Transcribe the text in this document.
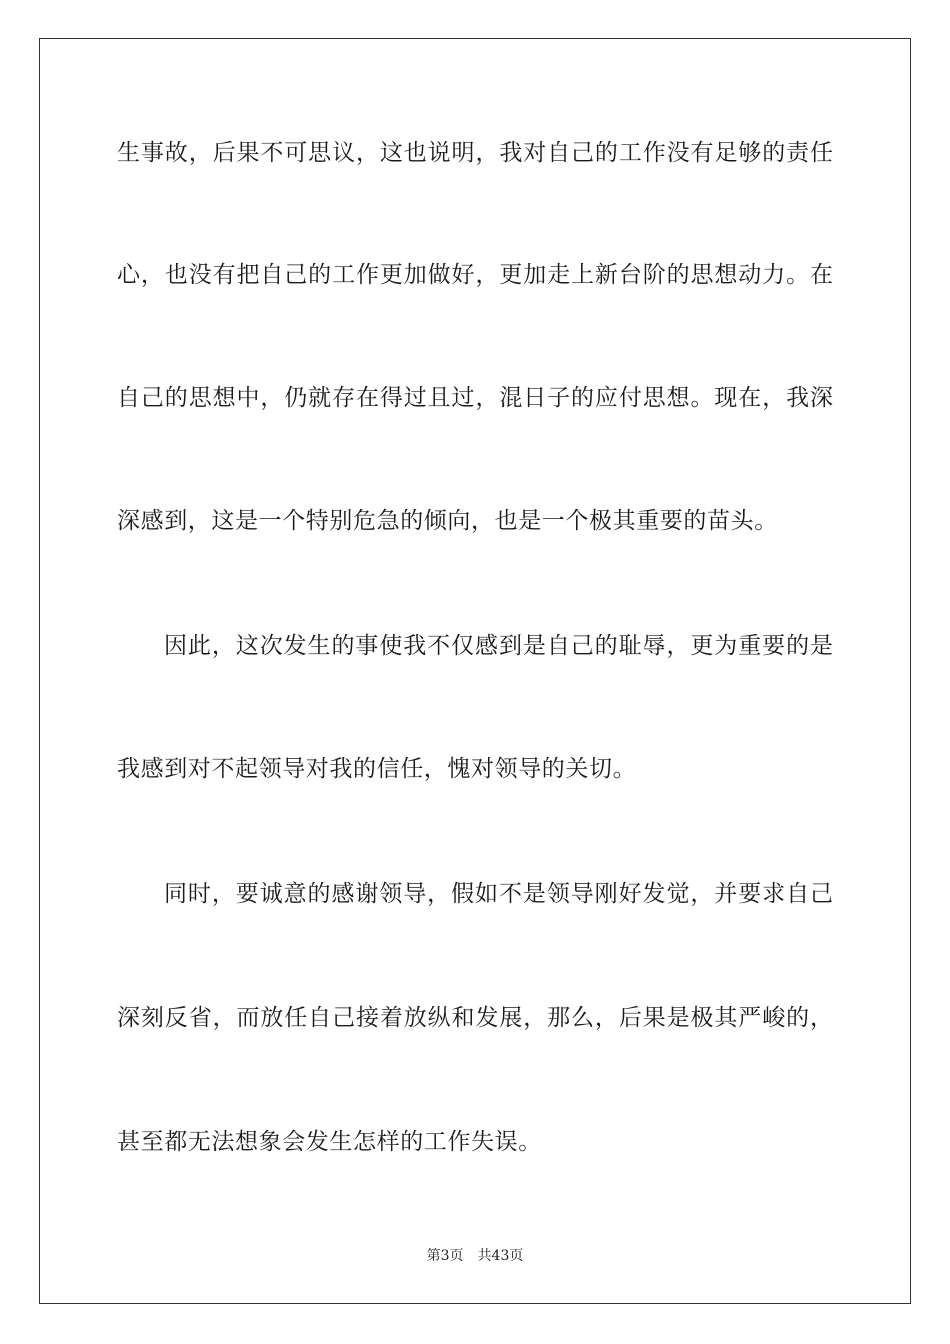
生事故，后果不可思议，这也说明，我对自己的工作没有足够的责任
心，也没有把自己的工作更加做好，更加走上新台阶的思想动力。在
自己的思想中，仍就存在得过且过，混日子的应付思想。现在，我深
深感到，这是一个特别危急的倾向，也是一个极其重要的苗头。
因此，这次发生的事使我不仅感到是自己的耻辱，更为重要的是
我感到对不起领导对我的信任，愧对领导的关切。
同时，要诚意的感谢领导，假如不是领导刚好发觉，并要求自己
深刻反省，而放任自己接着放纵和发展，那么，后果是极其严峻的，
甚至都无法想象会发生怎样的工作失误。
第3页 共43页
